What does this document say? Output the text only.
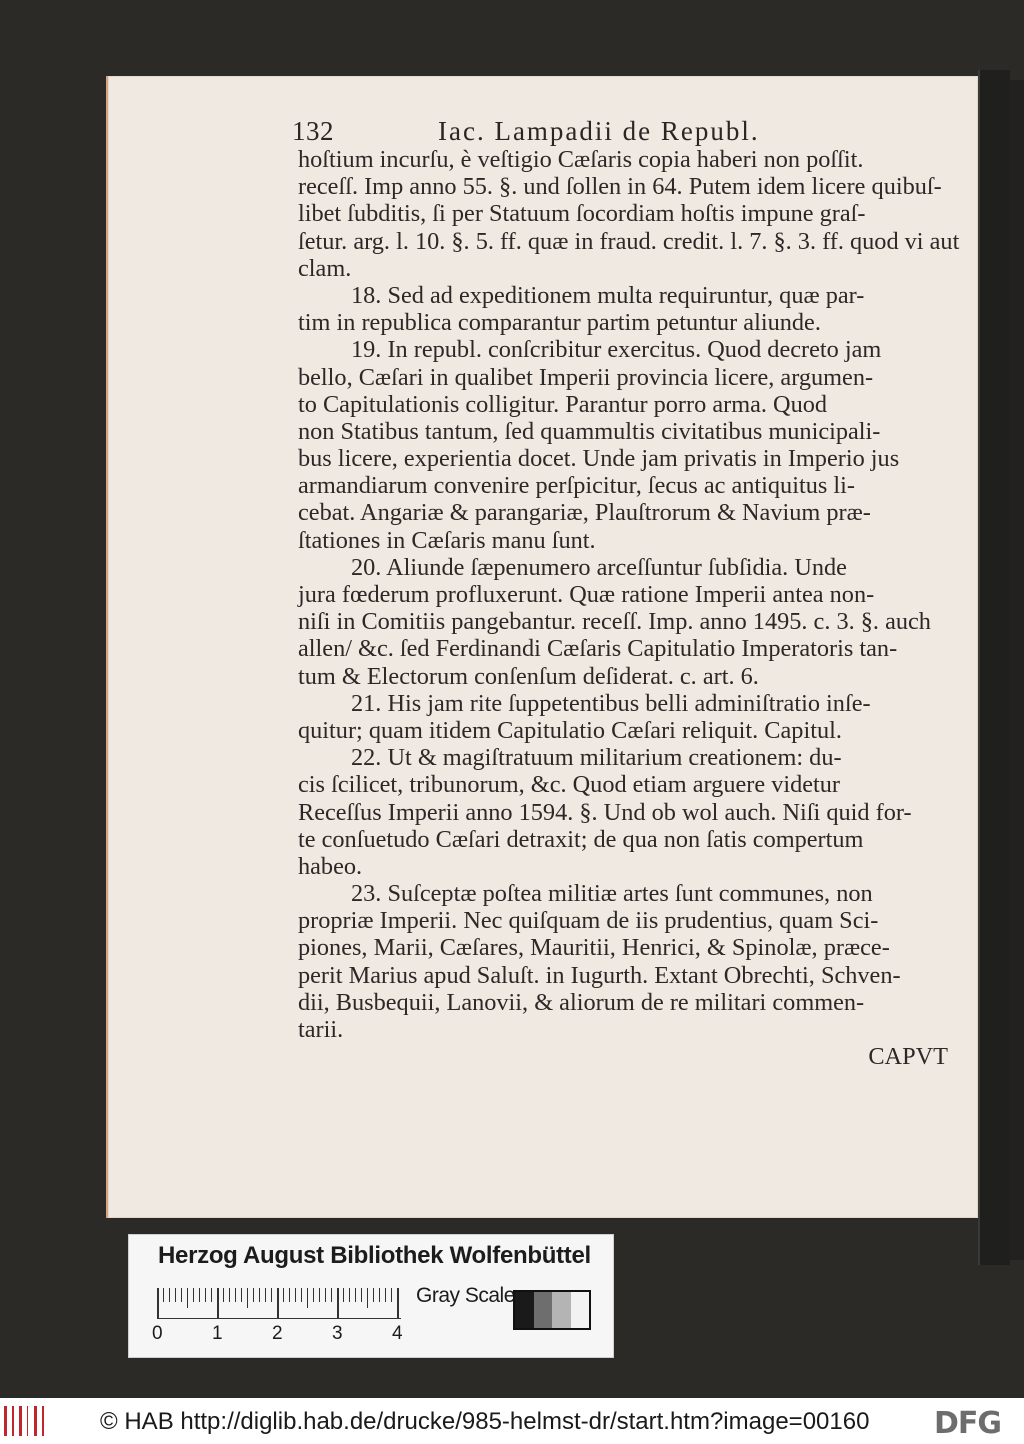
132	Iac. Lampadii de Republ.
hoſtium incurſu, è veſtigio Cæſaris copia haberi non poſſit.
receſſ. Imp anno 55. §. und ſollen in 64. Putem idem licere quibuſ-
libet ſubditis, ſi per Statuum ſocordiam hoſtis impune graſ-
ſetur. arg. l. 10. §. 5. ff. quæ in fraud. credit. l. 7. §. 3. ff. quod vi aut
clam.
18. Sed ad expeditionem multa requiruntur, quæ par-
tim in republica comparantur partim petuntur aliunde.
19. In republ. conſcribitur exercitus. Quod decreto jam
bello, Cæſari in qualibet Imperii provincia licere, argumen-
to Capitulationis colligitur. Parantur porro arma. Quod
non Statibus tantum, ſed quammultis civitatibus municipali-
bus licere, experientia docet. Unde jam privatis in Imperio jus
armandiarum convenire perſpicitur, ſecus ac antiquitus li-
cebat. Angariæ & parangariæ, Plauſtrorum & Navium præ-
ſtationes in Cæſaris manu ſunt.
20. Aliunde ſæpenumero arceſſuntur ſubſidia. Unde
jura fœderum profluxerunt. Quæ ratione Imperii antea non-
niſi in Comitiis pangebantur. receſſ. Imp. anno 1495. c. 3. §. auch
allen/ &c. ſed Ferdinandi Cæſaris Capitulatio Imperatoris tan-
tum & Electorum conſenſum deſiderat. c. art. 6.
21. His jam rite ſuppetentibus belli adminiſtratio inſe-
quitur; quam itidem Capitulatio Cæſari reliquit. Capitul.
22. Ut & magiſtratuum militarium creationem: du-
cis ſcilicet, tribunorum, &c. Quod etiam arguere videtur
Receſſus Imperii anno 1594. §. Und ob wol auch. Niſi quid for-
te conſuetudo Cæſari detraxit; de qua non ſatis compertum
habeo.
23. Suſceptæ poſtea militiæ artes ſunt communes, non
propriæ Imperii. Nec quiſquam de iis prudentius, quam Sci-
piones, Marii, Cæſares, Mauritii, Henrici, & Spinolæ, præce-
perit Marius apud Saluſt. in Iugurth. Extant Obrechti, Schven-
dii, Busbequii, Lanovii, & aliorum de re militari commen-
tarii.
CAPVT
Herzog August Bibliothek Wolfenbüttel
0	1	2	3	4
Gray Scale
© HAB http://diglib.hab.de/drucke/985-helmst-dr/start.htm?image=00160 DFG
